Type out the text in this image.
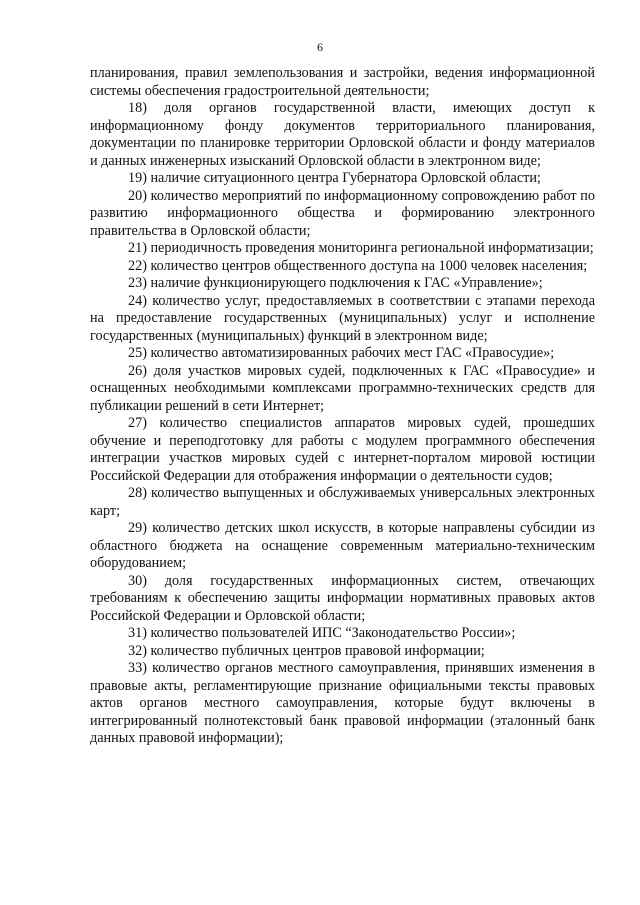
6

планирования, правил землепользования и застройки, ведения информационной системы обеспечения градостроительной деятельности;

18) доля органов государственной власти, имеющих доступ к информационному фонду документов территориального планирования, документации по планировке территории Орловской области и фонду материалов и данных инженерных изысканий Орловской области в электронном виде;

19) наличие ситуационного центра Губернатора Орловской области;

20) количество мероприятий по информационному сопровождению работ по развитию информационного общества и формированию электронного правительства в Орловской области;

21) периодичность проведения мониторинга региональной информатизации;

22) количество центров общественного доступа на 1000 человек населения;

23) наличие функционирующего подключения к ГАС «Управление»;

24) количество услуг, предоставляемых в соответствии с этапами перехода на предоставление государственных (муниципальных) услуг и исполнение государственных (муниципальных) функций в электронном виде;

25) количество автоматизированных рабочих мест ГАС «Правосудие»;

26) доля участков мировых судей, подключенных к ГАС «Правосудие» и оснащенных необходимыми комплексами программно-технических средств для публикации решений в сети Интернет;

27) количество специалистов аппаратов мировых судей, прошедших обучение и переподготовку для работы с модулем программного обеспечения интеграции участков мировых судей с интернет-порталом мировой юстиции Российской Федерации для отображения информации о деятельности судов;

28) количество выпущенных и обслуживаемых универсальных электронных карт;

29) количество детских школ искусств, в которые направлены субсидии из областного бюджета на оснащение современным материально-техническим оборудованием;

30) доля государственных информационных систем, отвечающих требованиям к обеспечению защиты информации нормативных правовых актов Российской Федерации и Орловской области;

31) количество пользователей ИПС “Законодательство России»;

32) количество публичных центров правовой информации;

33) количество органов местного самоуправления, принявших изменения в правовые акты, регламентирующие признание официальными тексты правовых актов органов местного самоуправления, которые будут включены в интегрированный полнотекстовый банк правовой информации (эталонный банк данных правовой информации);
